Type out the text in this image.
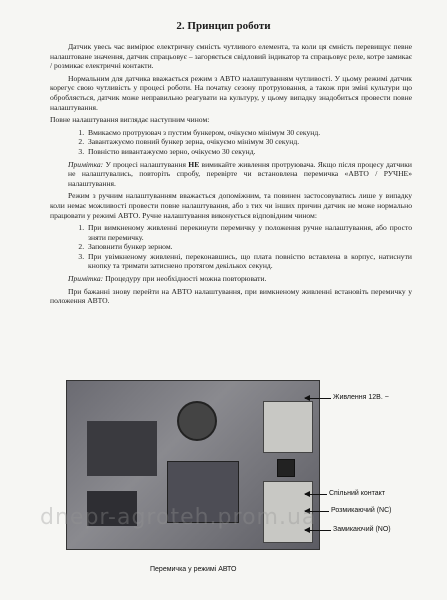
2. Принцип роботи

Датчик увесь час вимірює електричну ємність чутливого елемента, та коли ця ємність перевищує певне налаштоване значення, датчик спрацьовує – загоряється свідловий індикатор та спрацьовує реле, котре замикає / розмикає електричні контакти.

Нормальним для датчика вважається режим з АВТО налаштуванням чутливості. У цьому режимі датчик корегує свою чутливість у процесі роботи. На початку сезону протруювання, а також при зміні культури що обробляється, датчик може неправильно реагувати на культуру, у цьому випадку знадобиться провести повне налаштування.

Повне налаштування виглядає наступним чином:

1. Вмикаємо протруювач з пустим бункером, очікуємо мінімум 30 секунд.
2. Завантажуємо повний бункер зерна, очікуємо мінімум 30 секунд.
3. Повністю вивантажуємо зерно, очікуємо 30 секунд.

Примітка: У процесі налаштування НЕ вимикайте живлення протруювача. Якщо після процесу датчики не налаштувались, повторіть спробу, перевірте чи встановлена перемичка «АВТО / РУЧНЕ» налаштування.

Режим з ручним налаштуванням вважається допоміжним, та повинен застосовуватись лише у випадку коли немає можливості провести повне налаштування, або з тих чи інших причин датчик не може нормально працювати у режимі АВТО. Ручне налаштування виконується відповідним чином:

1. При вимкненому живленні перекинути перемичку у положення ручне налаштування, або просто зняти перемичку.
2. Заповнити бункер зерном.
3. При увімкненому живленні, переконавшись, що плата повністю вставлена в корпус, натиснути кнопку та тримати затиснено протягом декількох секунд.

Примітка: Процедуру при необхідності можна повторювати.

При бажанні знову перейти на АВТО налаштування, при вимкненому живленні встановіть перемичку у положення АВТО.

Живлення 12В. ~
Спільний контакт
Розмикаючий (NC)
Замикаючий (NO)
Перемичка у режимі АВТО
dnepr-agroteh.prom.ua
